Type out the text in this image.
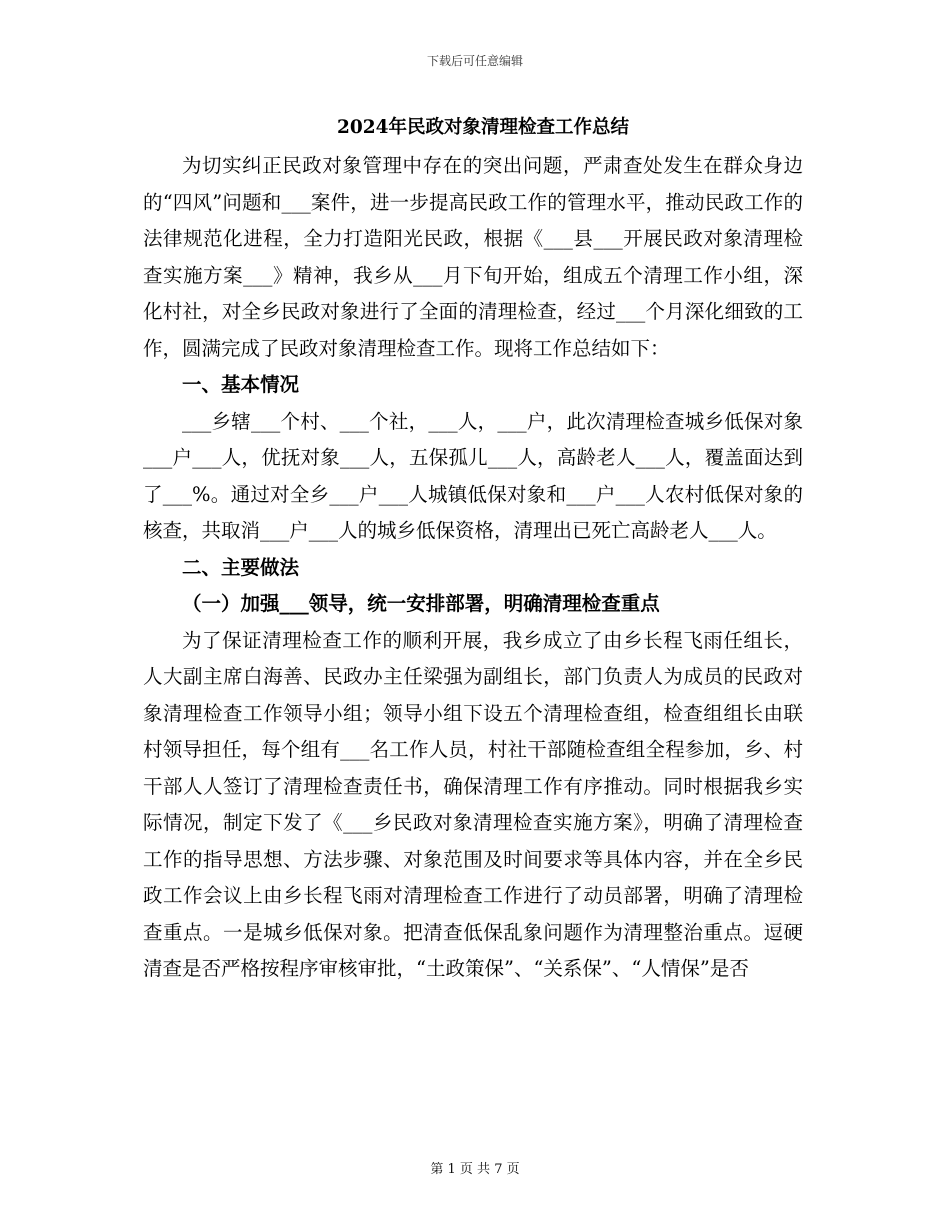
下载后可任意编辑
2024年民政对象清理检查工作总结

为切实纠正民政对象管理中存在的突出问题，严肃查处发生在群众身边的“四风”问题和___案件，进一步提高民政工作的管理水平，推动民政工作的法律规范化进程，全力打造阳光民政，根据《___县___开展民政对象清理检查实施方案___》精神，我乡从___月下旬开始，组成五个清理工作小组，深化村社，对全乡民政对象进行了全面的清理检查，经过___个月深化细致的工作，圆满完成了民政对象清理检查工作。现将工作总结如下：

一、基本情况

___乡辖___个村、___个社，___人，___户，此次清理检查城乡低保对象___户___人，优抚对象___人，五保孤儿___人，高龄老人___人，覆盖面达到了___%。通过对全乡___户___人城镇低保对象和___户___人农村低保对象的核查，共取消___户___人的城乡低保资格，清理出已死亡高龄老人___人。

二、主要做法

（一）加强___领导，统一安排部署，明确清理检查重点

为了保证清理检查工作的顺利开展，我乡成立了由乡长程飞雨任组长，人大副主席白海善、民政办主任梁强为副组长，部门负责人为成员的民政对象清理检查工作领导小组；领导小组下设五个清理检查组，检查组组长由联村领导担任，每个组有___名工作人员，村社干部随检查组全程参加，乡、村干部人人签订了清理检查责任书，确保清理工作有序推动。同时根据我乡实际情况，制定下发了《___乡民政对象清理检查实施方案》，明确了清理检查工作的指导思想、方法步骤、对象范围及时间要求等具体内容，并在全乡民政工作会议上由乡长程飞雨对清理检查工作进行了动员部署，明确了清理检查重点。一是城乡低保对象。把清查低保乱象问题作为清理整治重点。逗硬清查是否严格按程序审核审批，“土政策保”、“关系保”、“人情保”是否

第 1 页 共 7 页
